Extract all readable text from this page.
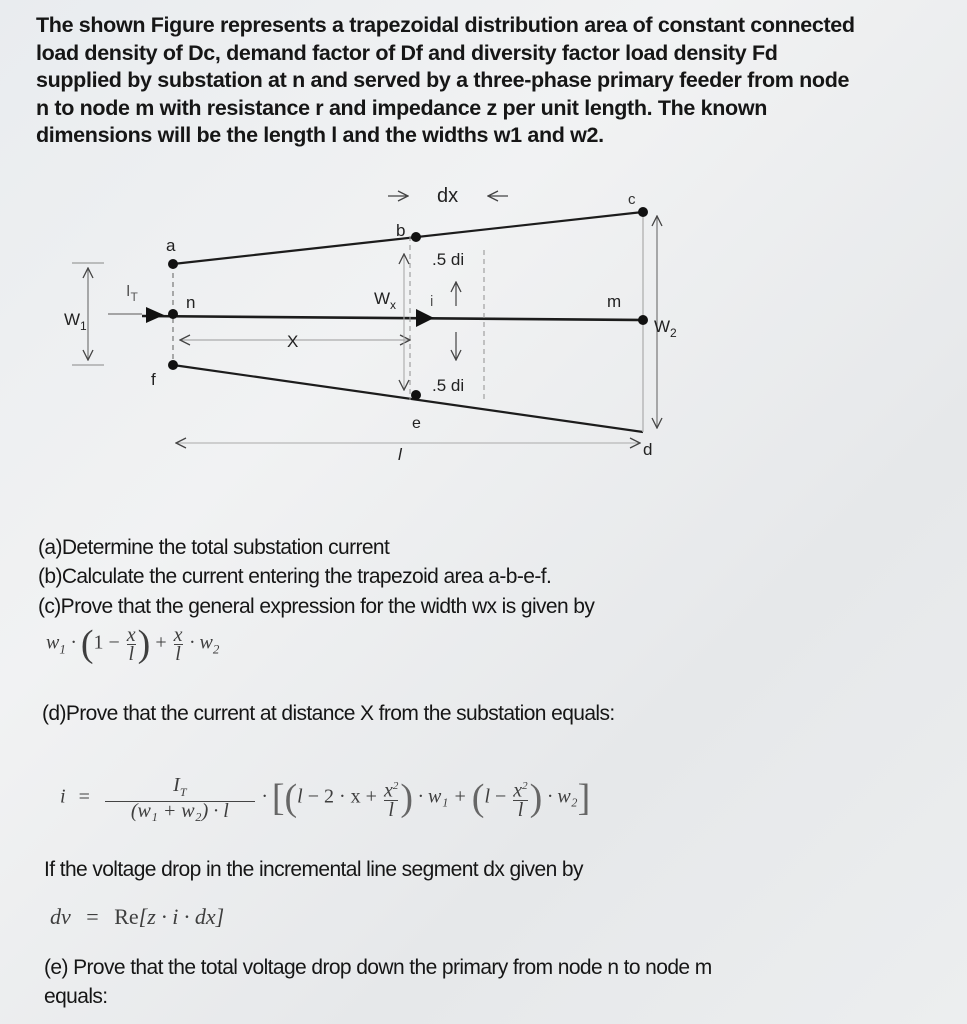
The shown Figure represents a trapezoidal distribution area of constant connected
load density of Dc, demand factor of Df and diversity factor load density Fd
supplied by substation at n and served by a three-phase primary feeder from node
n to node m with resistance r and impedance z per unit length. The known
dimensions will be the length l and the widths w1 and w2.
dx	c
b
a
.5 di
$I_T$	n	$W_x$ i	m
$W_1$
X
$W_2$
f	.5 di
e
l	d
(a)Determine the total substation current
(b)Calculate the current entering the trapezoid area a-b-e-f.
(c)Prove that the general expression for the width wx is given by
$w_1 \cdot (1 - \frac{x}{l}$ ) + $\frac{x}{l} \cdot w_2$
(d)Prove that the current at distance X from the substation equals:
$i = \frac{I_T}{\text{(w₁ + w₂) · l}} \cdot [(l - 2 \cdot x + \frac{x^2}{l}$ ) · $w_1 + (l - \frac{x^2}{l}$ ) · w₂]
If the voltage drop in the incremental line segment dx given by
dv = Re[z · i · dx]
(e) Prove that the total voltage drop down the primary from node n to node m
equals:
